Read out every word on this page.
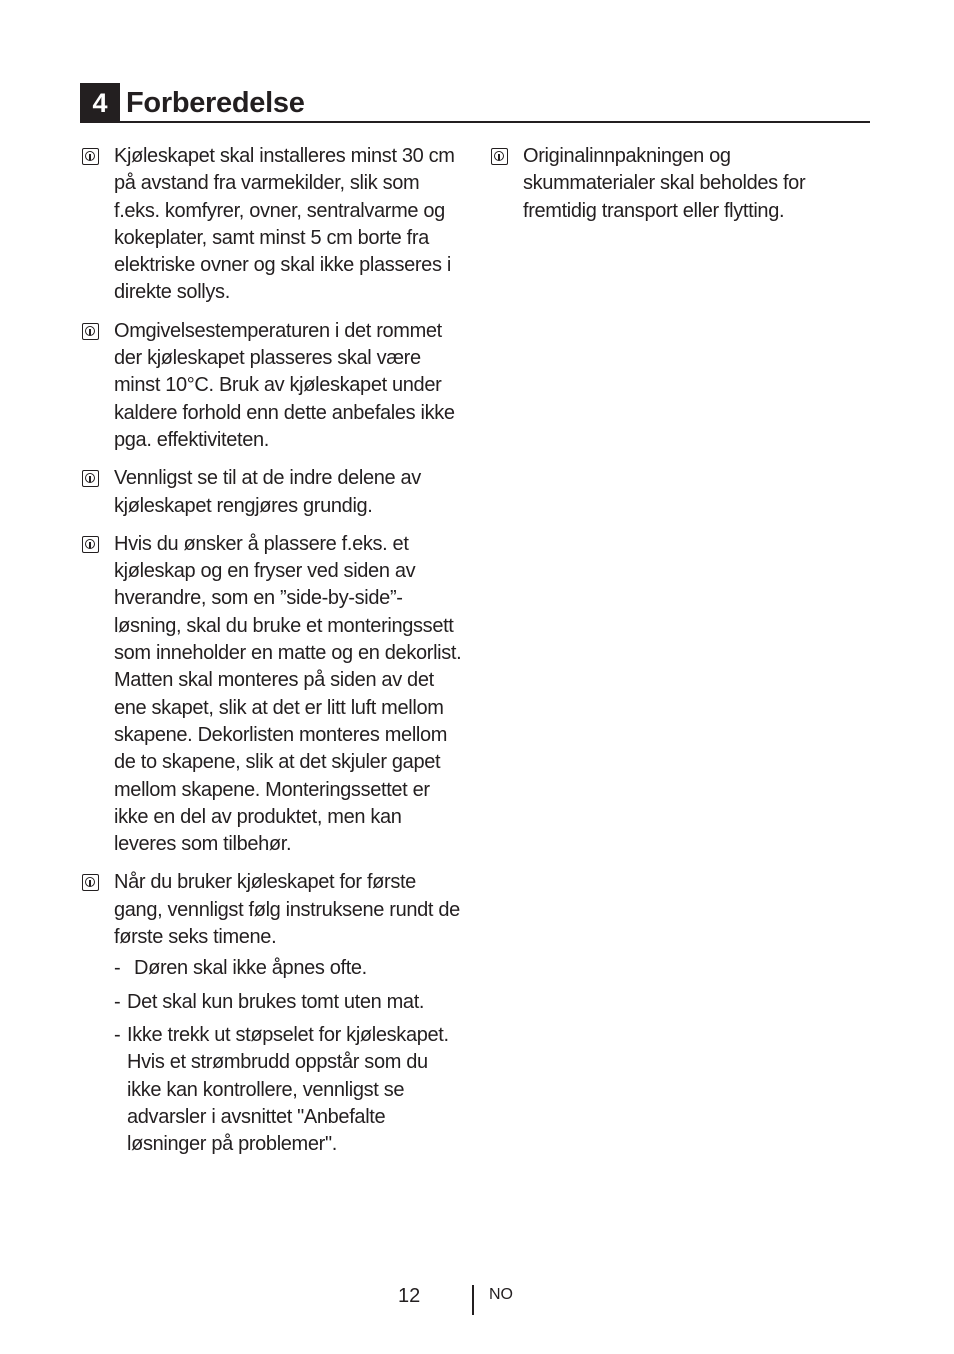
4 Forberedelse

Kjøleskapet skal installeres minst 30 cm på avstand fra varmekilder, slik som f.eks. komfyrer, ovner, sentralvarme og kokeplater, samt minst 5 cm borte fra elektriske ovner og skal ikke plasseres i direkte sollys.

Omgivelsestemperaturen i det rommet der kjøleskapet plasseres skal være minst 10°C. Bruk av kjøleskapet under kaldere forhold enn dette anbefales ikke pga. effektiviteten.

Vennligst se til at de indre delene av kjøleskapet rengjøres grundig.

Hvis du ønsker å plassere f.eks. et kjøleskap og en fryser ved siden av hverandre, som en ”side-by-side”-løsning, skal du bruke et monteringssett som inneholder en matte og en dekorlist. Matten skal monteres på siden av det ene skapet, slik at det er litt luft mellom skapene. Dekorlisten monteres mellom de to skapene, slik at det skjuler gapet mellom skapene. Monteringssettet er ikke en del av produktet, men kan leveres som tilbehør.

Når du bruker kjøleskapet for første gang, vennligst følg instruksene rundt de første seks timene.

- Døren skal ikke åpnes ofte.
- Det skal kun brukes tomt uten mat.
- Ikke trekk ut støpselet for kjøleskapet. Hvis et strømbrudd oppstår som du ikke kan kontrollere, vennligst se advarsler i avsnittet "Anbefalte løsninger på problemer".

Originalinnpakningen og skummaterialer skal beholdes for fremtidig transport eller flytting.

12	NO
